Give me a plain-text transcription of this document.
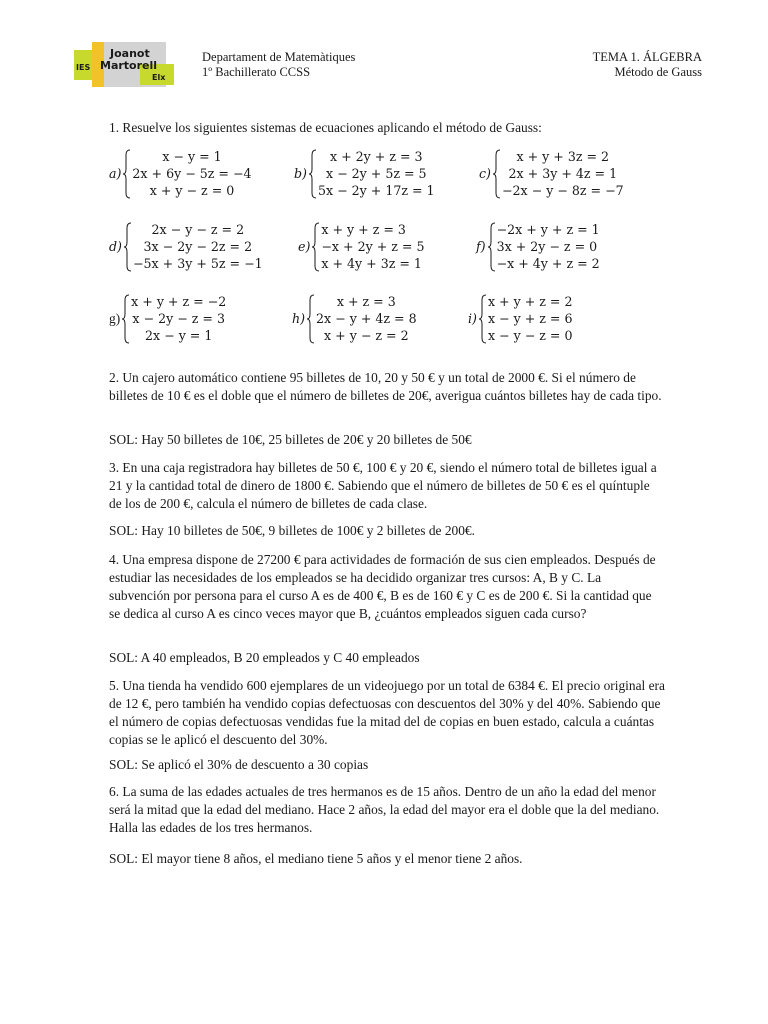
Joanot
Martorell
IES
Elx
Departament de Matemàtiques
1º Bachillerato CCSS
TEMA 1. ÁLGEBRA
Método de Gauss
1. Resuelve los siguientes sistemas de ecuaciones aplicando el método de Gauss:
a)
x − y = 1
2x + 6y − 5z = −4
x + y − z = 0
b)
x + 2y + z = 3
x − 2y + 5z = 5
5x − 2y + 17z = 1
c)
x + y + 3z = 2
2x + 3y + 4z = 1
−2x − y − 8z = −7
d)
2x − y − z = 2
3x − 2y − 2z = 2
−5x + 3y + 5z = −1
e)
x + y + z = 3
−x + 2y + z = 5
x + 4y + 3z = 1
f)
−2x + y + z = 1
3x + 2y − z = 0
−x + 4y + z = 2
g)
x + y + z = −2
x − 2y − z = 3
2x − y = 1
h)
x + z = 3
2x − y + 4z = 8
x + y − z = 2
i)
x + y + z = 2
x − y + z = 6
x − y − z = 0
2. Un cajero automático contiene 95 billetes de 10, 20 y 50 € y un total de 2000 €. Si el número de billetes de 10 € es el doble que el número de billetes de 20€, averigua cuántos billetes hay de cada tipo.
SOL: Hay 50 billetes de 10€, 25 billetes de 20€ y 20 billetes de 50€
3. En una caja registradora hay billetes de 50 €, 100 € y 20 €, siendo el número total de billetes igual a 21 y la cantidad total de dinero de 1800 €. Sabiendo que el número de billetes de 50 € es el quíntuple de los de 200 €, calcula el número de billetes de cada clase.
SOL: Hay 10 billetes de 50€, 9 billetes de 100€ y 2 billetes de 200€.
4. Una empresa dispone de 27200 € para actividades de formación de sus cien empleados. Después de estudiar las necesidades de los empleados se ha decidido organizar tres cursos: A, B y C. La subvención por persona para el curso A es de 400 €, B es de 160 € y C es de 200 €. Si la cantidad que se dedica al curso A es cinco veces mayor que B, ¿cuántos empleados siguen cada curso?
SOL: A 40 empleados, B 20 empleados y C 40 empleados
5. Una tienda ha vendido 600 ejemplares de un videojuego por un total de 6384 €. El precio original era de 12 €, pero también ha vendido copias defectuosas con descuentos del 30% y del 40%. Sabiendo que el número de copias defectuosas vendidas fue la mitad del de copias en buen estado, calcula a cuántas copias se le aplicó el descuento del 30%.
SOL: Se aplicó el 30% de descuento a 30 copias
6. La suma de las edades actuales de tres hermanos es de 15 años. Dentro de un año la edad del menor será la mitad que la edad del mediano. Hace 2 años, la edad del mayor era el doble que la del mediano. Halla las edades de los tres hermanos.
SOL: El mayor tiene 8 años, el mediano tiene 5 años y el menor tiene 2 años.
